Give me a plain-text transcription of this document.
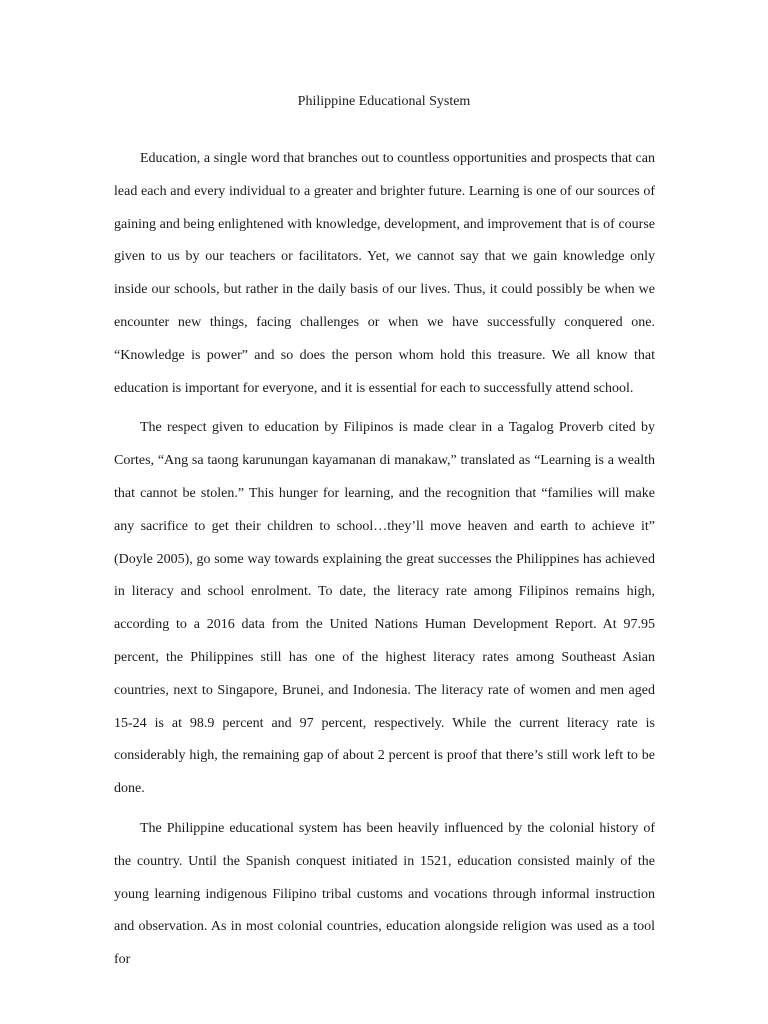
Philippine Educational System

Education, a single word that branches out to countless opportunities and prospects that can lead each and every individual to a greater and brighter future. Learning is one of our sources of gaining and being enlightened with knowledge, development, and improvement that is of course given to us by our teachers or facilitators. Yet, we cannot say that we gain knowledge only inside our schools, but rather in the daily basis of our lives. Thus, it could possibly be when we encounter new things, facing challenges or when we have successfully conquered one. “Knowledge is power” and so does the person whom hold this treasure. We all know that education is important for everyone, and it is essential for each to successfully attend school.

The respect given to education by Filipinos is made clear in a Tagalog Proverb cited by Cortes, “Ang sa taong karunungan kayamanan di manakaw,” translated as “Learning is a wealth that cannot be stolen.” This hunger for learning, and the recognition that “families will make any sacrifice to get their children to school…they’ll move heaven and earth to achieve it” (Doyle 2005), go some way towards explaining the great successes the Philippines has achieved in literacy and school enrolment. To date, the literacy rate among Filipinos remains high, according to a 2016 data from the United Nations Human Development Report. At 97.95 percent, the Philippines still has one of the highest literacy rates among Southeast Asian countries, next to Singapore, Brunei, and Indonesia. The literacy rate of women and men aged 15-24 is at 98.9 percent and 97 percent, respectively. While the current literacy rate is considerably high, the remaining gap of about 2 percent is proof that there’s still work left to be done.

The Philippine educational system has been heavily influenced by the colonial history of the country. Until the Spanish conquest initiated in 1521, education consisted mainly of the young learning indigenous Filipino tribal customs and vocations through informal instruction and observation. As in most colonial countries, education alongside religion was used as a tool for
